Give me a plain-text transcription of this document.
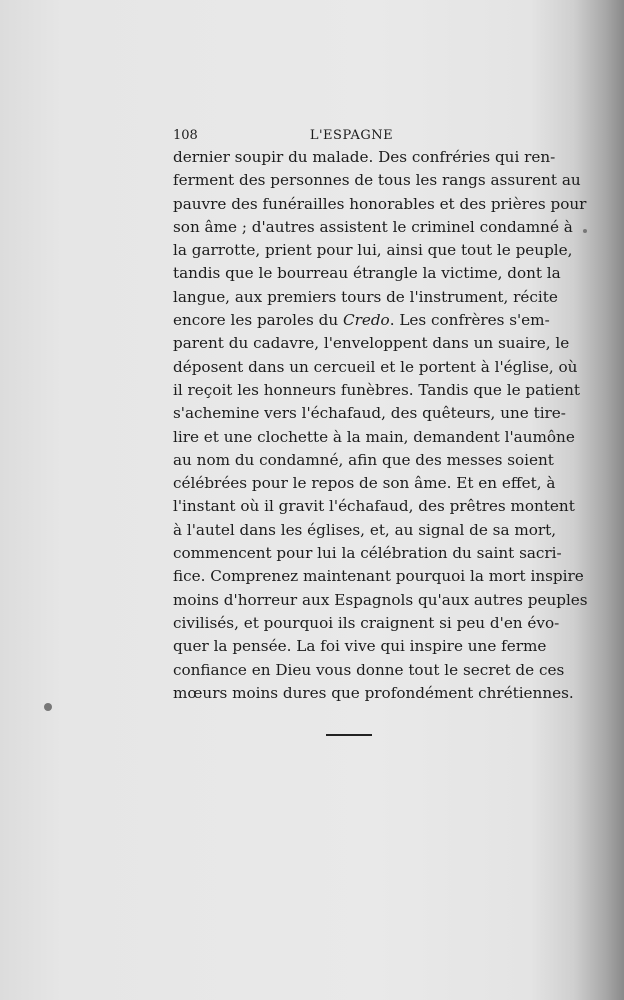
108	L'ESPAGNE
dernier soupir du malade. Des confréries qui ren-
ferment des personnes de tous les rangs assurent au
pauvre des funérailles honorables et des prières pour
son âme ; d'autres assistent le criminel condamné à
la garrotte, prient pour lui, ainsi que tout le peuple,
tandis que le bourreau étrangle la victime, dont la
langue, aux premiers tours de l'instrument, récite
encore les paroles du Credo. Les confrères s'em-
parent du cadavre, l'enveloppent dans un suaire, le
déposent dans un cercueil et le portent à l'église, où
il reçoit les honneurs funèbres. Tandis que le patient
s'achemine vers l'échafaud, des quêteurs, une tire-
lire et une clochette à la main, demandent l'aumône
au nom du condamné, afin que des messes soient
célébrées pour le repos de son âme. Et en effet, à
l'instant où il gravit l'échafaud, des prêtres montent
à l'autel dans les églises, et, au signal de sa mort,
commencent pour lui la célébration du saint sacri-
fice. Comprenez maintenant pourquoi la mort inspire
moins d'horreur aux Espagnols qu'aux autres peuples
civilisés, et pourquoi ils craignent si peu d'en évo-
quer la pensée. La foi vive qui inspire une ferme
confiance en Dieu vous donne tout le secret de ces
mœurs moins dures que profondément chrétiennes.
